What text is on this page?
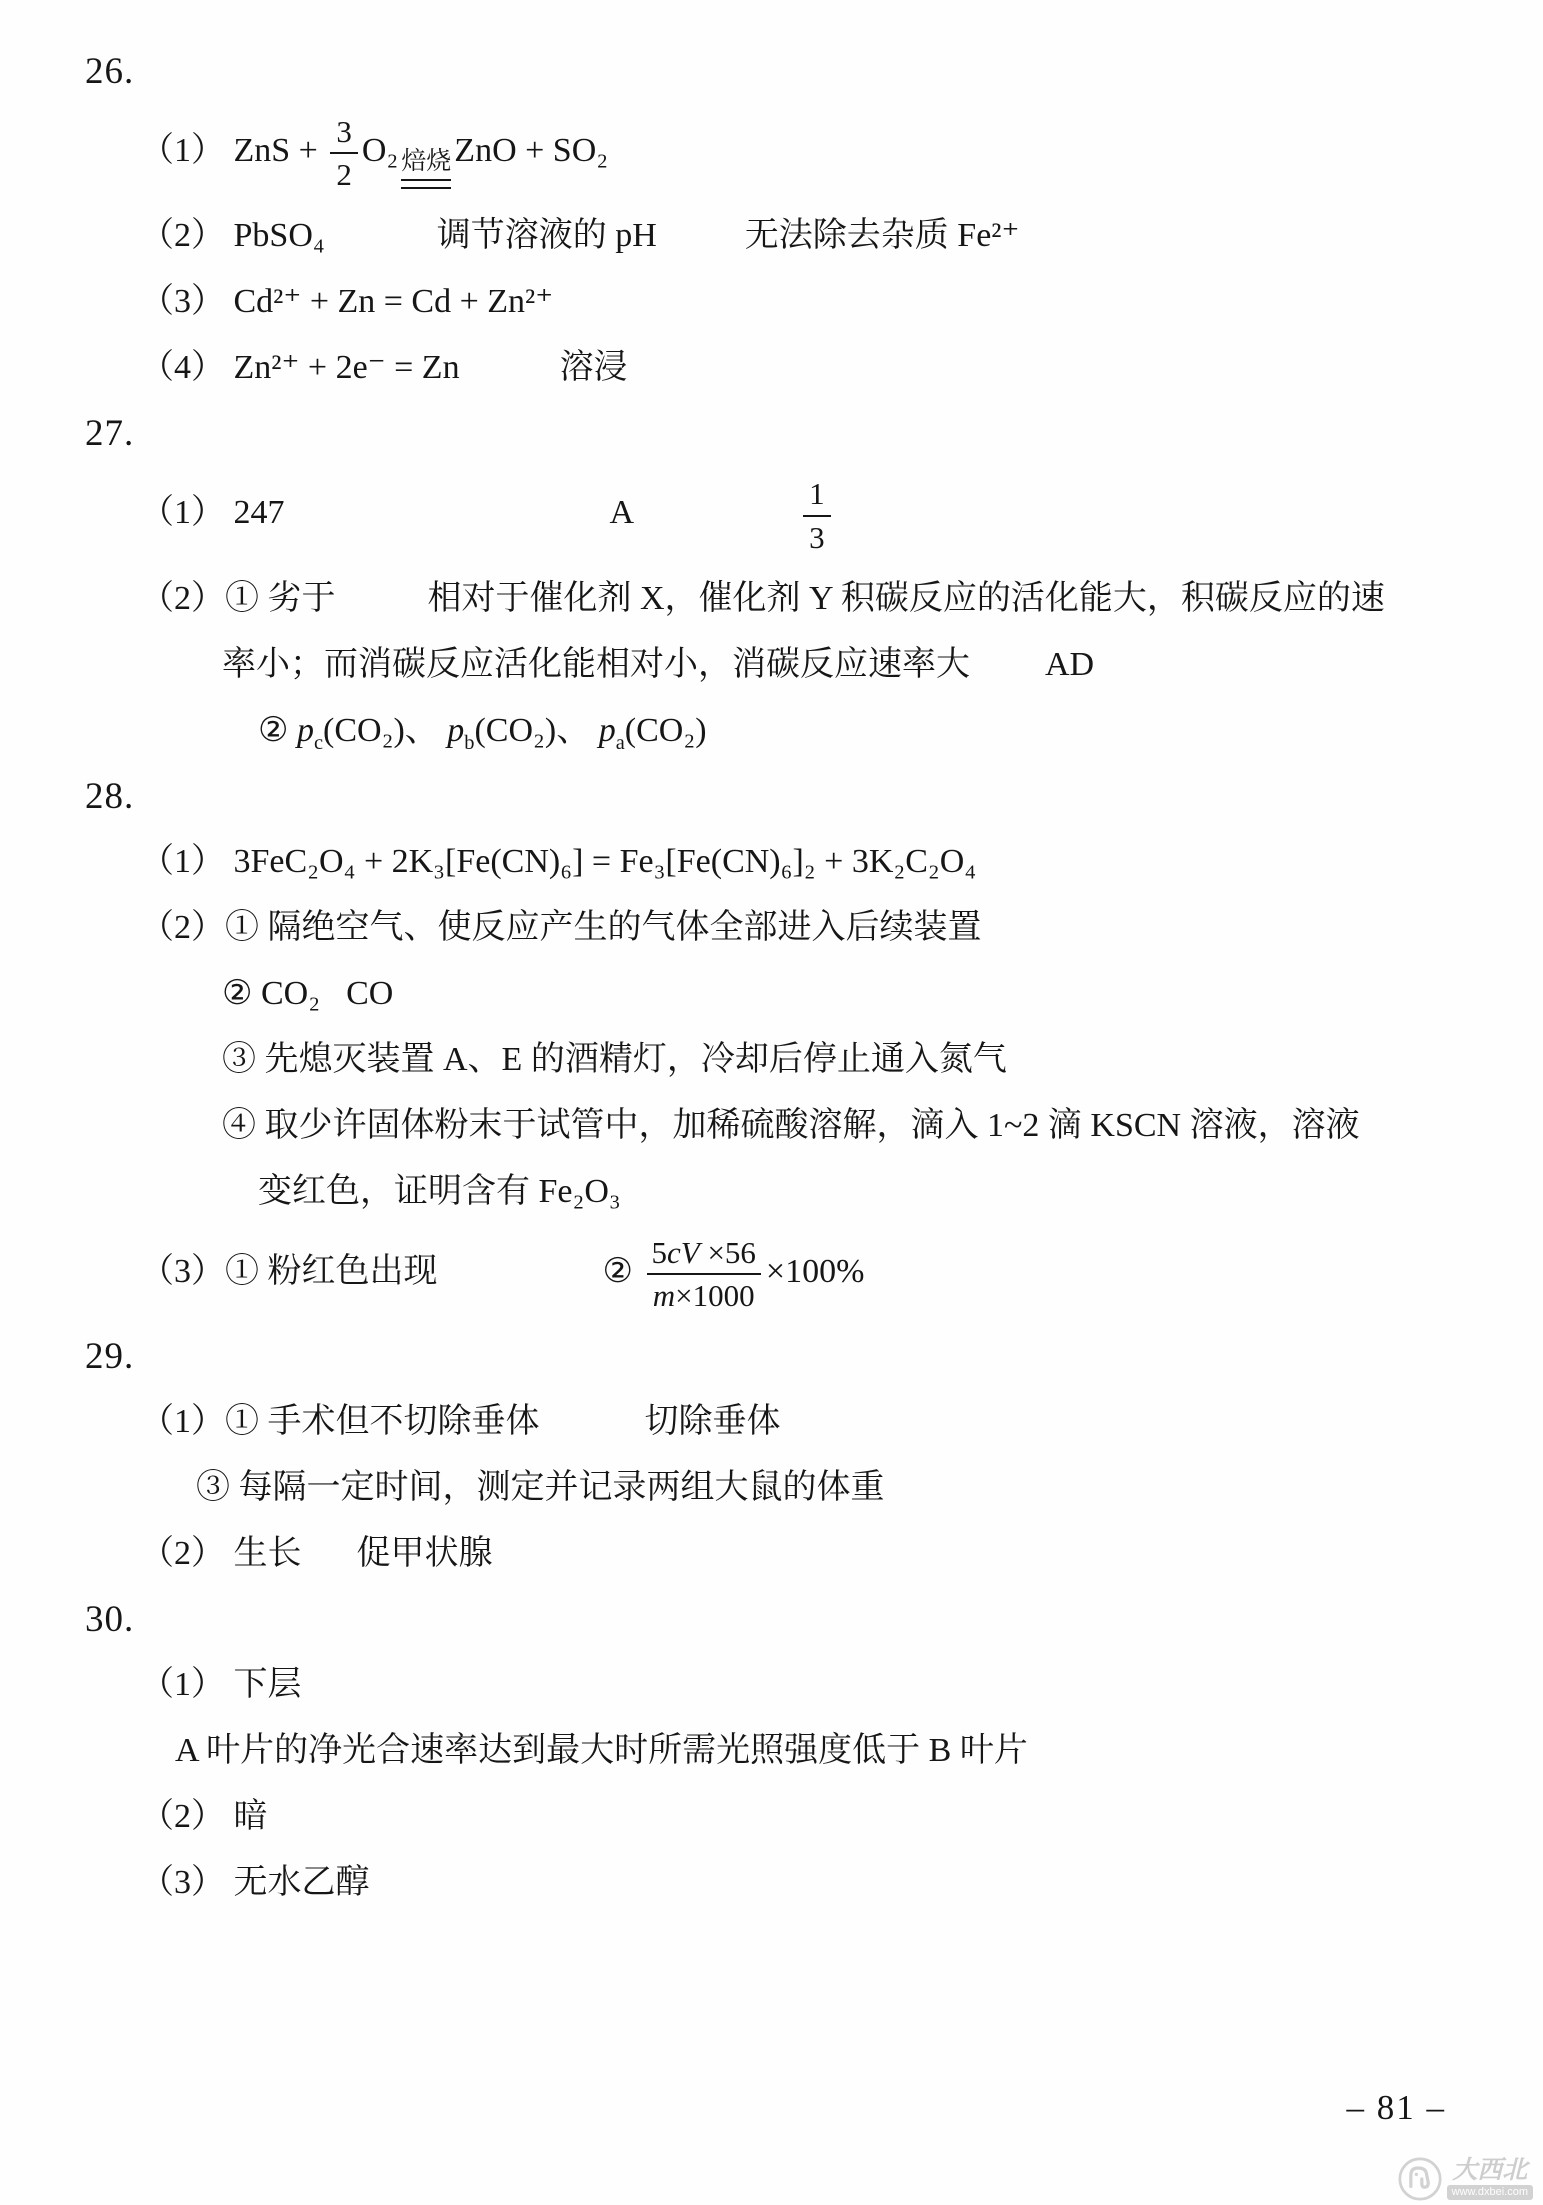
26.
（1） ZnS + $\frac{3}{2} O_2$ 焙烧 ZnO + SO₂
（2） PbSO₄	调节溶液的 pH	无法除去杂质 Fe²⁺
（3） Cd²⁺ + Zn = Cd + Zn²⁺
（4） Zn²⁺ + 2e⁻ = Zn	溶浸
27.
（1） 247	A	$\frac{1}{3}$
（2）① 劣于	相对于催化剂 X，催化剂 Y 积碳反应的活化能大，积碳反应的速
率小；而消碳反应活化能相对小，消碳反应速率大 AD
② $p_c(CO_2)$、 $p_b(CO_2)$、 $p_a(CO_2)$
28.
（1） 3FeC₂O₄ + 2K₃[Fe(CN)₆] = Fe₃[Fe(CN)₆]₂ + 3K₂C₂O₄
（2）① 隔绝空气、使反应产生的气体全部进入后续装置
② CO₂ CO
③ 先熄灭装置 A、E 的酒精灯，冷却后停止通入氮气
④ 取少许固体粉末于试管中，加稀硫酸溶解，滴入 1~2 滴 KSCN 溶液，溶液
变红色，证明含有 Fe₂O₃
（3）① 粉红色出现	② $\frac{5cV \times 56}{m\times 1000} \times 100\%$
29.
（1）① 手术但不切除垂体	切除垂体
③ 每隔一定时间，测定并记录两组大鼠的体重
（2） 生长 促甲状腺
30.
（1） 下层
A 叶片的净光合速率达到最大时所需光照强度低于 B 叶片
（2） 暗
（3） 无水乙醇
– 81 –
大西北
www.dxbei.com
